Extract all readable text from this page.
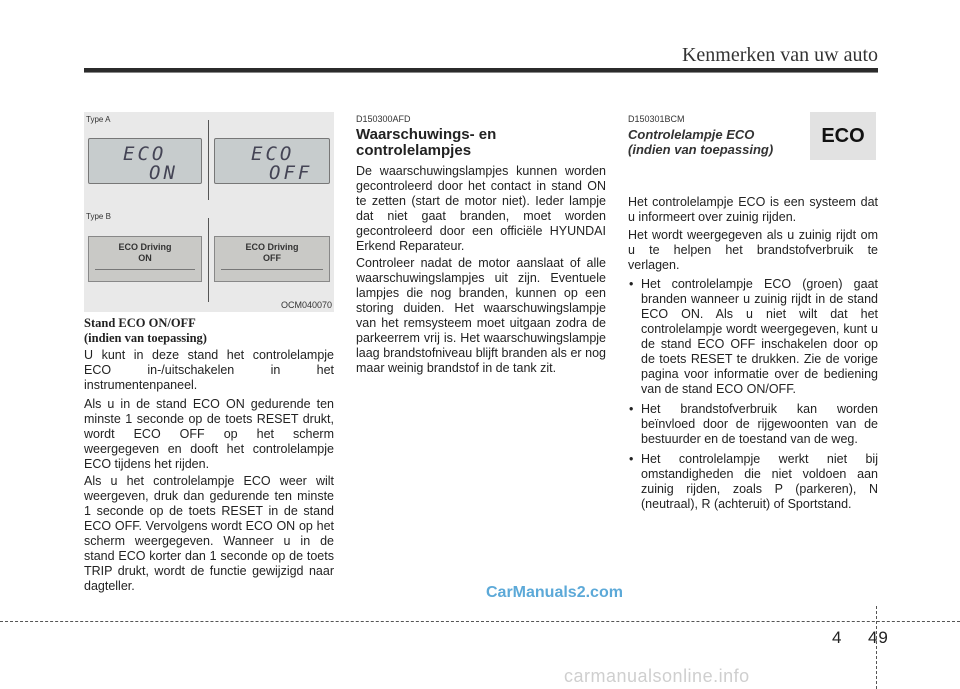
Kenmerken van uw auto
Type A
ECO
ON
ECO
OFF
Type B
ECO Driving
ON
ECO Driving
OFF
OCM040070
Stand ECO ON/OFF
(indien van toepassing)
U kunt in deze stand het controlelampje ECO in-/uitschakelen in het instrumentenpaneel.
Als u in de stand ECO ON gedurende ten minste 1 seconde op de toets RESET drukt, wordt ECO OFF op het scherm weergegeven en dooft het controlelampje ECO tijdens het rijden.
Als u het controlelampje ECO weer wilt weergeven, druk dan gedurende ten minste 1 seconde op de toets RESET in de stand ECO OFF. Vervolgens wordt ECO ON op het scherm weergegeven. Wanneer u in de stand ECO korter dan 1 seconde op de toets TRIP drukt, wordt de functie gewijzigd naar dagteller.
D150300AFD
Waarschuwings- en
controlelampjes
De waarschuwingslampjes kunnen worden gecontroleerd door het contact in stand ON te zetten (start de motor niet). Ieder lampje dat niet gaat branden, moet worden gecontroleerd door een officiële HYUNDAI Erkend Reparateur.
Controleer nadat de motor aanslaat of alle waarschuwingslampjes uit zijn. Eventuele lampjes die nog branden, kunnen op een storing duiden. Het waarschuwingslampje van het remsysteem moet uitgaan zodra de parkeerrem vrij is. Het waarschuwingslampje laag brandstofniveau blijft branden als er nog maar weinig brandstof in de tank zit.
D150301BCM
Controlelampje ECO
(indien van toepassing)
ECO
Het controlelampje ECO is een systeem dat u informeert over zuinig rijden.
Het wordt weergegeven als u zuinig rijdt om u te helpen het brandstofverbruik te verlagen.
• Het controlelampje ECO (groen) gaat branden wanneer u zuinig rijdt in de stand ECO ON. Als u niet wilt dat het controlelampje wordt weergegeven, kunt u de stand ECO OFF inschakelen door op de toets RESET te drukken. Zie de vorige pagina voor informatie over de bediening van de stand ECO ON/OFF.
• Het brandstofverbruik kan worden beïnvloed door de rijgewoonten van de bestuurder en de toestand van de weg.
• Het controlelampje werkt niet bij omstandigheden die niet voldoen aan zuinig rijden, zoals P (parkeren), N (neutraal), R (achteruit) of Sportstand.
CarManuals2.com
4 49
carmanualsonline.info
